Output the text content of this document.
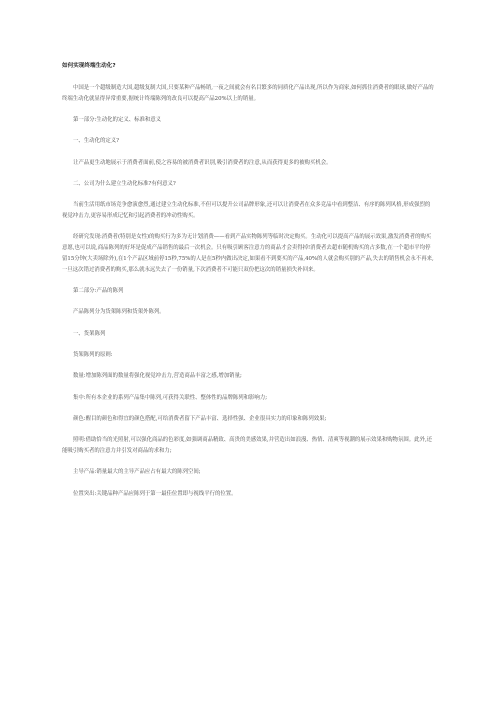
如何实现终端生动化?
中国是一个超级制造大国,超级复制大国,只要某种产品畅销,一夜之间就会有名目繁多的同质化产品出现,所以作为商家,如何抓住消费者的眼球,做好产品的终端生动化就显得异常重要,据统计终端陈列的改良可以提高产品20%以上的销量。
第一部分:生动化的定义、标准和意义
一、生动化的定义?
让产品更生动地展示于消费者面前,使之容易的被消费者识别,吸引消费者的注意,从而获得更多的被购买机会。
二、公司为什么建立生动化标准?有何意义?
当前生活用纸市场竞争愈演愈烈,通过建立生动化标准,不但可以提升公司品牌形象,还可以让消费者在众多竞品中看到整洁、有序的陈列风格,形成强烈的视觉冲击力,更容易形成记忆和引起消费者的冲动性购买。
经研究发现:消费者(特别是女性)的购买行为多为无计划消费——看到产品实物陈列等临时决定购买。生动化可以提高产品的展示效果,激发消费者的购买意愿,也可以说,商品陈列的好坏是促成产品销售的最后一次机会。只有吸引顾客注意力的商品才会卖得掉!消费者去超市随机购买的占多数,在一个超市平均停留15分钟(大卖场除外),在1个产品区域前停15秒,75%的人是在5秒内做出决定,如果看不到要买的产品,40%的人就会购买别的产品,失去的销售机会永不再来,一旦这次错过消费者的购买,那么就永远失去了一份销量,下次消费者不可能只双份把这次的销量损失补回来。
第二部分:产品的陈列
产品陈列分为货架陈列和货架外陈列。
一、货架陈列
货架陈列的原则:
数量:增加陈列面的数量将强化视觉冲击力,营造商品丰富之感,增加销量;
集中:所有本企业的系列产品集中陈列,可获得关联性、整体性的品牌陈列和影响力;
颜色:醒目的颜色和得宜的颜色搭配,可给消费者留下产品丰富、选择性强、企业很具实力的印象和陈列效果;
照明:借助恰当的光照射,可以强化商品的色彩度,如强调商品精致、高贵的美感效果,并营造出如浪漫、热情、清爽等视潮的展示效果和购物氛围。此外,还能吸引购买者的注意力并引发对商品的求和力;
主导产品:销量最大的主导产品应占有最大的陈列空间;
位置突出:关键品种产品应陈列于第一最佳位置即与视线平行的位置。
